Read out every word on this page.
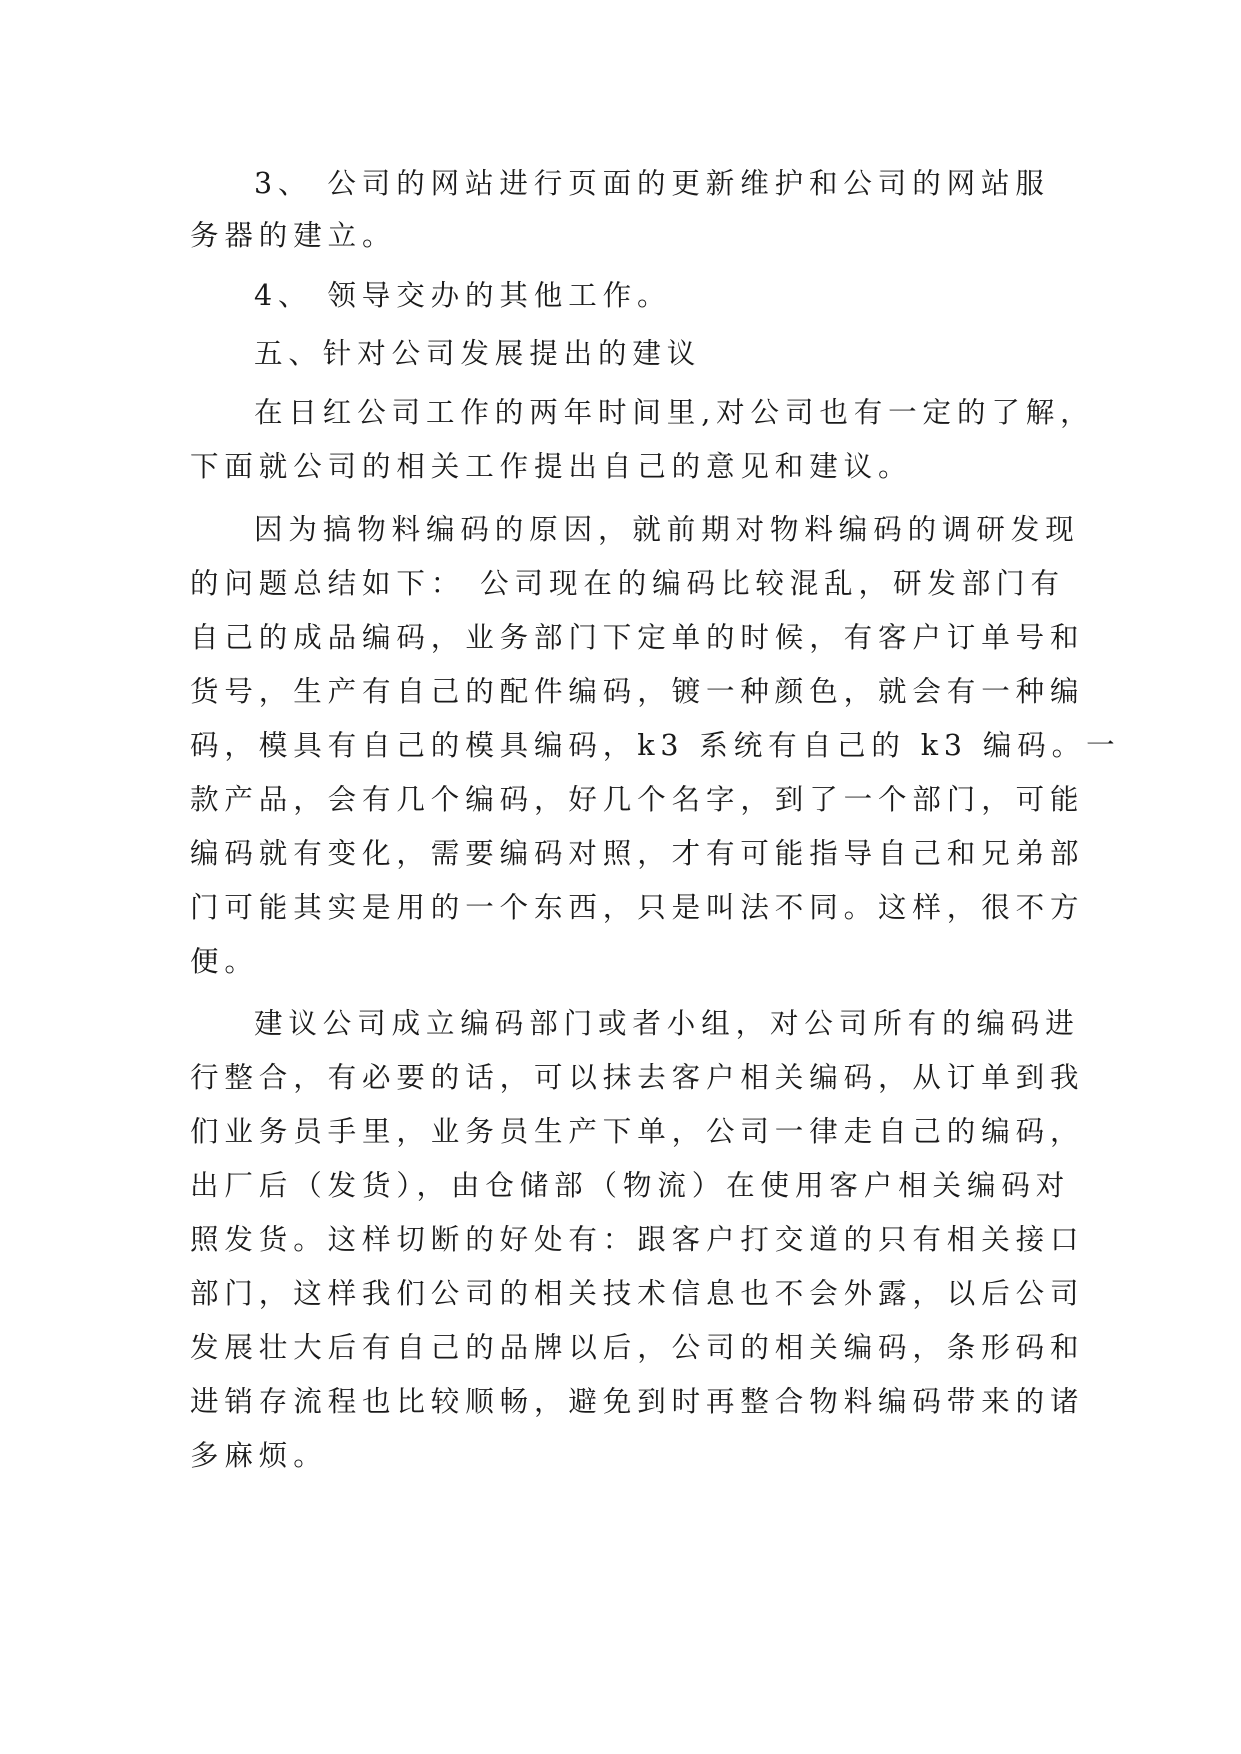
3、 公司的网站进行页面的更新维护和公司的网站服
务器的建立。
4、 领导交办的其他工作。
五、针对公司发展提出的建议
在日红公司工作的两年时间里,对公司也有一定的了解，
下面就公司的相关工作提出自己的意见和建议。
因为搞物料编码的原因，就前期对物料编码的调研发现
的问题总结如下： 公司现在的编码比较混乱，研发部门有
自己的成品编码，业务部门下定单的时候，有客户订单号和
货号，生产有自己的配件编码，镀一种颜色，就会有一种编
码，模具有自己的模具编码，k3 系统有自己的 k3 编码。一
款产品，会有几个编码，好几个名字，到了一个部门，可能
编码就有变化，需要编码对照，才有可能指导自己和兄弟部
门可能其实是用的一个东西，只是叫法不同。这样，很不方
便。
建议公司成立编码部门或者小组，对公司所有的编码进
行整合，有必要的话，可以抹去客户相关编码，从订单到我
们业务员手里，业务员生产下单，公司一律走自己的编码，
出厂后（发货），由仓储部（物流）在使用客户相关编码对
照发货。这样切断的好处有：跟客户打交道的只有相关接口
部门，这样我们公司的相关技术信息也不会外露，以后公司
发展壮大后有自己的品牌以后，公司的相关编码，条形码和
进销存流程也比较顺畅，避免到时再整合物料编码带来的诸
多麻烦。
